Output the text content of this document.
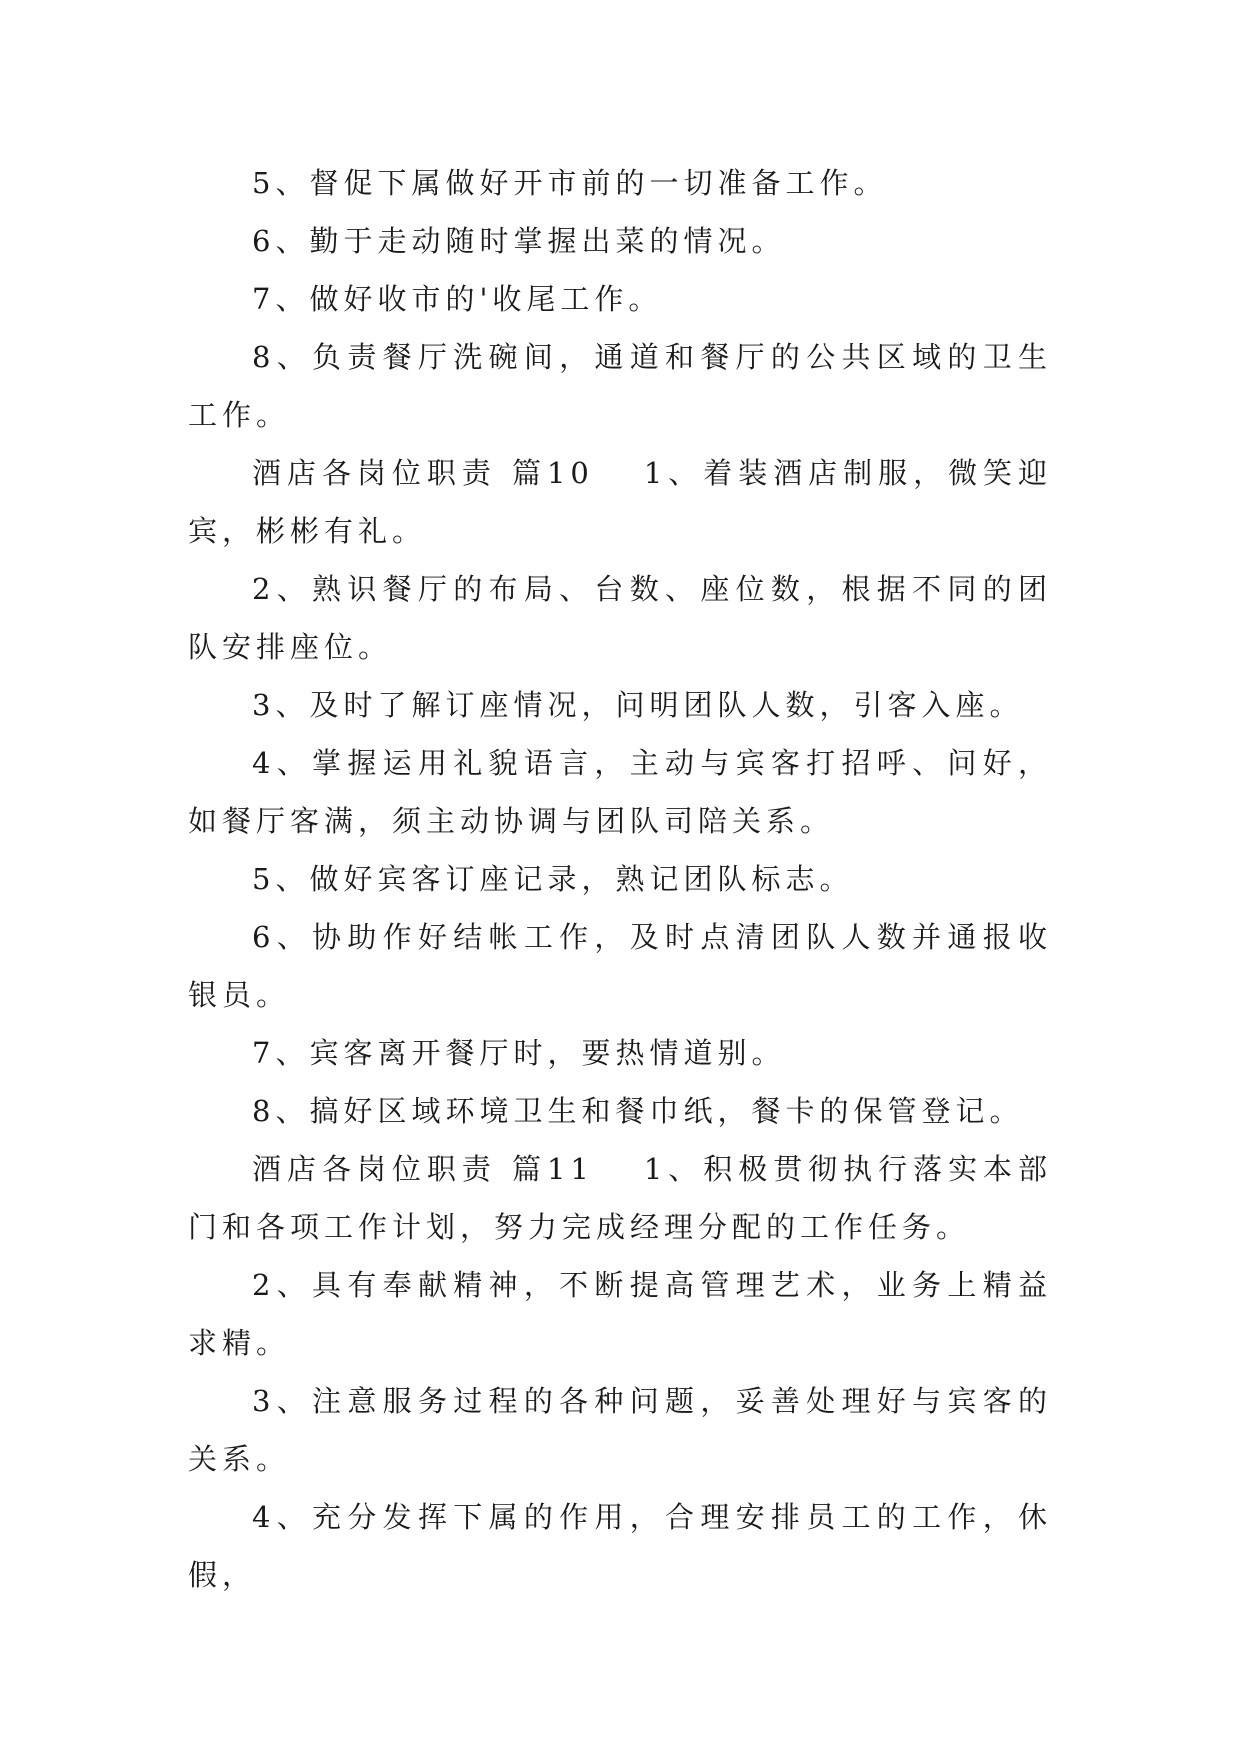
5、督促下属做好开市前的一切准备工作。

6、勤于走动随时掌握出菜的情况。

7、做好收市的'收尾工作。

8、负责餐厅洗碗间，通道和餐厅的公共区域的卫生工作。

酒店各岗位职责 篇10 1、着装酒店制服，微笑迎宾，彬彬有礼。

2、熟识餐厅的布局、台数、座位数，根据不同的团队安排座位。

3、及时了解订座情况，问明团队人数，引客入座。

4、掌握运用礼貌语言，主动与宾客打招呼、问好，如餐厅客满，须主动协调与团队司陪关系。

5、做好宾客订座记录，熟记团队标志。

6、协助作好结帐工作，及时点清团队人数并通报收银员。

7、宾客离开餐厅时，要热情道别。

8、搞好区域环境卫生和餐巾纸，餐卡的保管登记。

酒店各岗位职责 篇11 1、积极贯彻执行落实本部门和各项工作计划，努力完成经理分配的工作任务。

2、具有奉献精神，不断提高管理艺术，业务上精益求精。

3、注意服务过程的各种问题，妥善处理好与宾客的关系。

4、充分发挥下属的作用，合理安排员工的工作，休假，
